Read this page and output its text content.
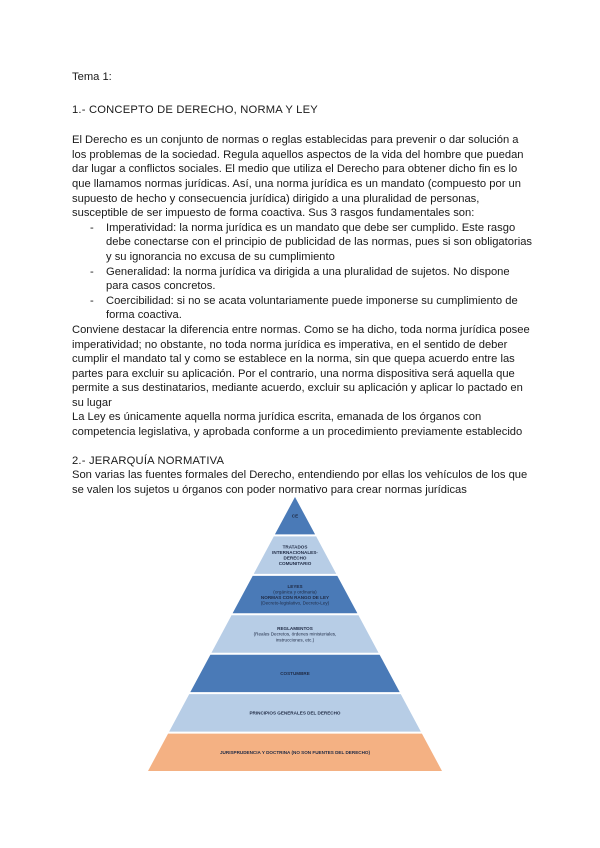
Tema 1:

1.- CONCEPTO DE DERECHO, NORMA Y LEY

El Derecho es un conjunto de normas o reglas establecidas para prevenir o dar solución a los problemas de la sociedad. Regula aquellos aspectos de la vida del hombre que puedan dar lugar a conflictos sociales. El medio que utiliza el Derecho para obtener dicho fin es lo que llamamos normas jurídicas. Así, una norma jurídica es un mandato (compuesto por un supuesto de hecho y consecuencia jurídica) dirigido a una pluralidad de personas, susceptible de ser impuesto de forma coactiva. Sus 3 rasgos fundamentales son:

- Imperatividad: la norma jurídica es un mandato que debe ser cumplido. Este rasgo debe conectarse con el principio de publicidad de las normas, pues si son obligatorias y su ignorancia no excusa de su cumplimiento
- Generalidad: la norma jurídica va dirigida a una pluralidad de sujetos. No dispone para casos concretos.
- Coercibilidad: si no se acata voluntariamente puede imponerse su cumplimiento de forma coactiva.

Conviene destacar la diferencia entre normas. Como se ha dicho, toda norma jurídica posee imperatividad; no obstante, no toda norma jurídica es imperativa, en el sentido de deber cumplir el mandato tal y como se establece en la norma, sin que quepa acuerdo entre las partes para excluir su aplicación. Por el contrario, una norma dispositiva será aquella que permite a sus destinatarios, mediante acuerdo, excluir su aplicación y aplicar lo pactado en su lugar

La Ley es únicamente aquella norma jurídica escrita, emanada de los órganos con competencia legislativa, y aprobada conforme a un procedimiento previamente establecido

2.- JERARQUÍA NORMATIVA

Son varias las fuentes formales del Derecho, entendiendo por ellas los vehículos de los que se valen los sujetos u órganos con poder normativo para crear normas jurídicas

CE
TRATADOS
INTERNACIONALES-
DERECHO
COMUNITARIO
LEYES
(orgánica y ordinaria)
NORMAS CON RANGO DE LEY
(Decreto-legislativo, Decreto-Ley)
REGLAMENTOS
(Reales Decretos, órdenes ministeriales,
instrucciones, etc.)
COSTUMBRE
PRINCIPIOS GENERALES DEL DERECHO
JURISPRUDENCIA Y DOCTRINA (NO SON FUENTES DEL DERECHO)
